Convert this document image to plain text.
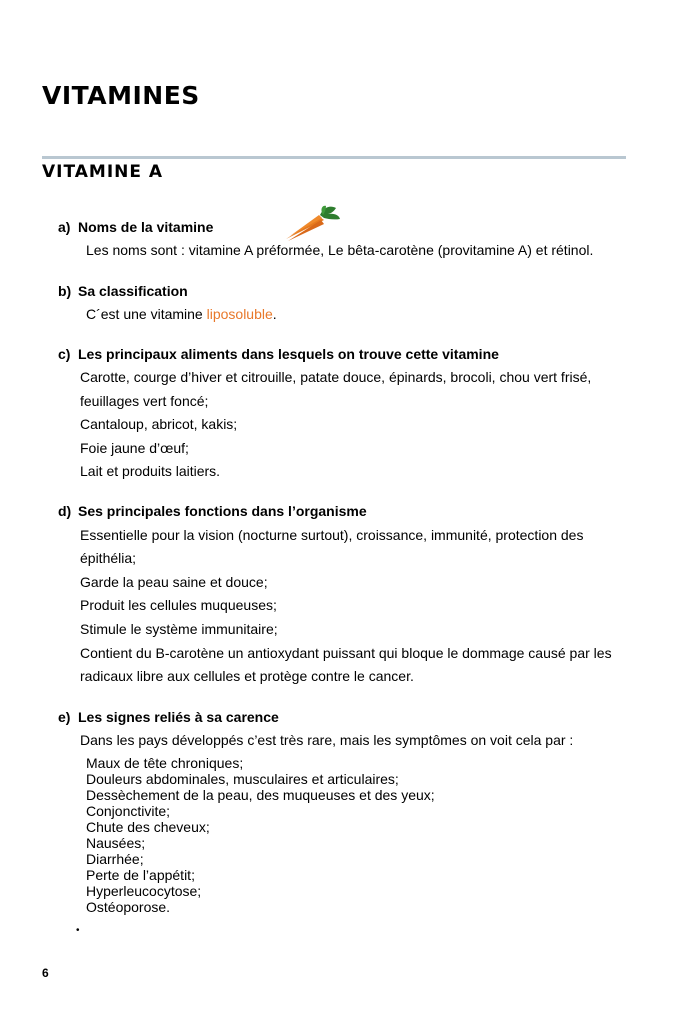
VITAMINES
VITAMINE A

a) Noms de la vitamine

Les noms sont : vitamine A préformée, Le bêta-carotène (provitamine A) et rétinol.

b) Sa classification

C´est une vitamine liposoluble.

c) Les principaux aliments dans lesquels on trouve cette vitamine

Carotte, courge d’hiver et citrouille, patate douce, épinards, brocoli, chou vert frisé,

feuillages vert foncé;

Cantaloup, abricot, kakis;

Foie jaune d’œuf;

Lait et produits laitiers.

d) Ses principales fonctions dans l’organisme

Essentielle pour la vision (nocturne surtout), croissance, immunité, protection des

épithélia;

Garde la peau saine et douce;

Produit les cellules muqueuses;

Stimule le système immunitaire;

Contient du B-carotène un antioxydant puissant qui bloque le dommage causé par les

radicaux libre aux cellules et protège contre le cancer.

e) Les signes reliés à sa carence

Dans les pays développés c’est très rare, mais les symptômes on voit cela par :

Maux de tête chroniques;

Douleurs abdominales, musculaires et articulaires;

Dessèchement de la peau, des muqueuses et des yeux;

Conjonctivite;

Chute des cheveux;

Nausées;

Diarrhée;

Perte de l’appétit;

Hyperleucocytose;

Ostéoporose.

•
6
